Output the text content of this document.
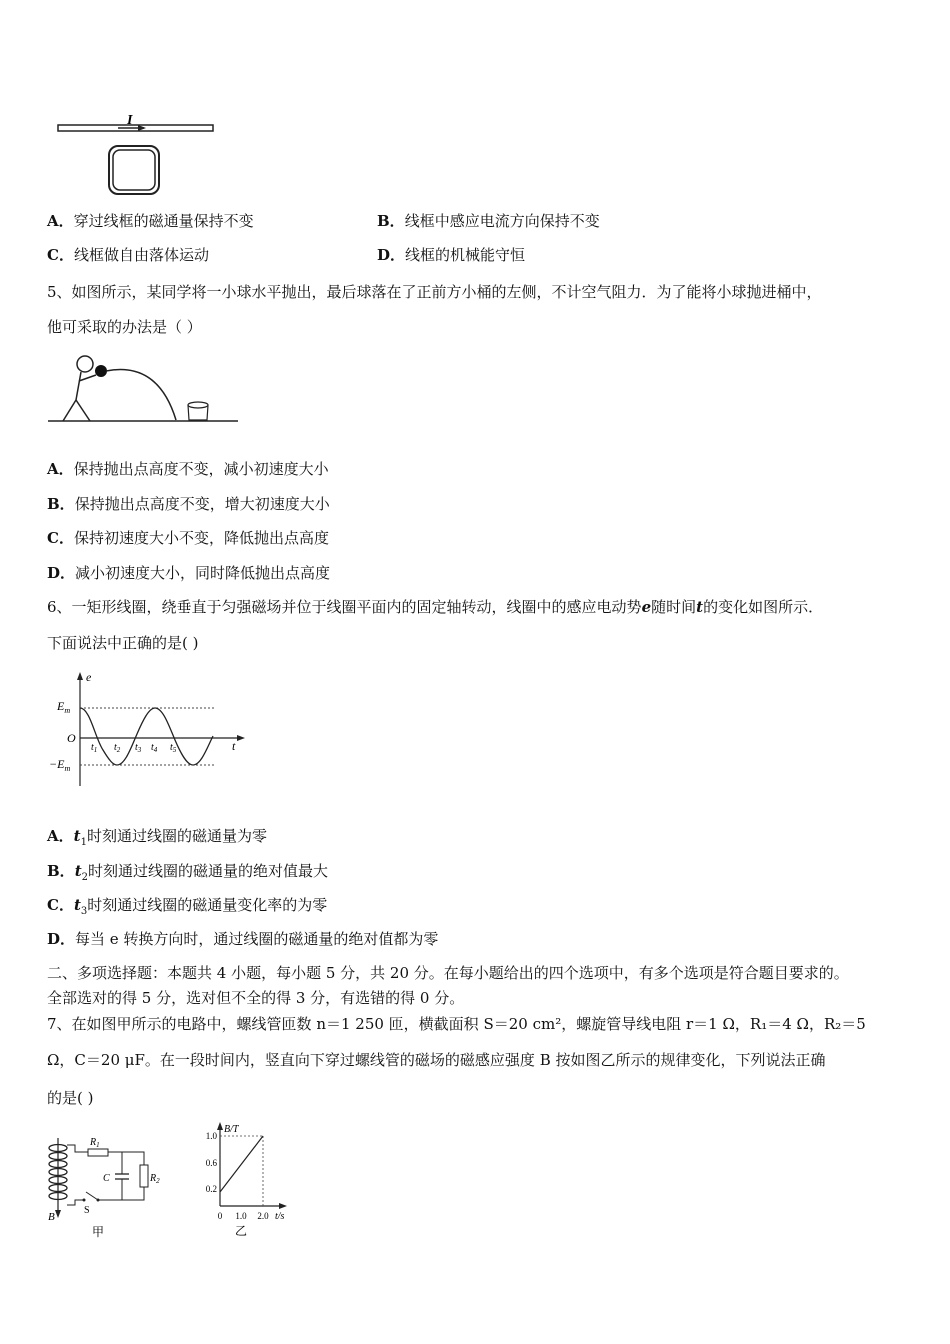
I
A．穿过线框的磁通量保持不变	B．线框中感应电流方向保持不变
C．线框做自由落体运动	D．线框的机械能守恒
5、如图所示，某同学将一小球水平抛出，最后球落在了正前方小桶的左侧，不计空气阻力．为了能将小球抛进桶中，
他可采取的办法是（ ）
A．保持抛出点高度不变，减小初速度大小
B．保持抛出点高度不变，增大初速度大小
C．保持初速度大小不变，降低抛出点高度
D．减小初速度大小，同时降低抛出点高度
6、一矩形线圈，绕垂直于匀强磁场并位于线圈平面内的固定轴转动，线圈中的感应电动势e随时间t的变化如图所示．
下面说法中正确的是( )
e
t
$E_m$
$-E_m$
O
$t_1$ $t_2$ $t_3$ $t_4$ $t_5$
A．$t_1$时刻通过线圈的磁通量为零
B．$t_2$时刻通过线圈的磁通量的绝对值最大
C．$t_3$时刻通过线圈的磁通量变化率的为零
D．每当 e 转换方向时，通过线圈的磁通量的绝对值都为零
二、多项选择题：本题共 4 小题，每小题 5 分，共 20 分。在每小题给出的四个选项中，有多个选项是符合题目要求的。
全部选对的得 5 分，选对但不全的得 3 分，有选错的得 0 分。
7、在如图甲所示的电路中，螺线管匝数 n＝1 250 匝，横截面积 S＝20 cm²，螺旋管导线电阻 r＝1 Ω，R₁＝4 Ω，R₂＝5
Ω，C＝20 μF。在一段时间内，竖直向下穿过螺线管的磁场的磁感应强度 B 按如图乙所示的规律变化，下列说法正确
的是( )
B
$R_1$
C	$R_2$
S
甲
B/T
t/s
1.0
0.6
0.2
0 1.0 2.0
乙
